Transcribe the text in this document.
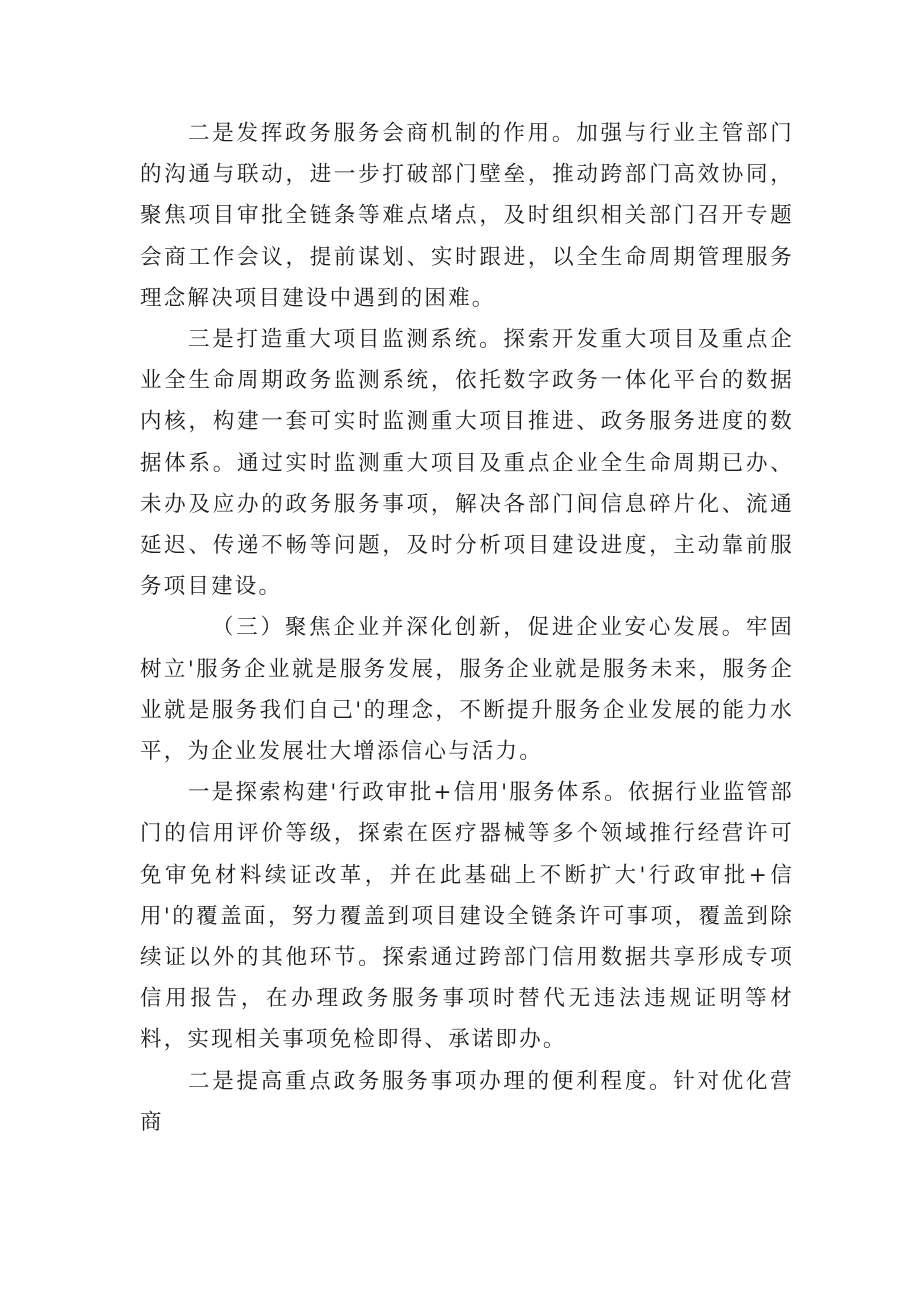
二是发挥政务服务会商机制的作用。加强与行业主管部门的沟通与联动，进一步打破部门壁垒，推动跨部门高效协同，聚焦项目审批全链条等难点堵点，及时组织相关部门召开专题会商工作会议，提前谋划、实时跟进，以全生命周期管理服务理念解决项目建设中遇到的困难。

三是打造重大项目监测系统。探索开发重大项目及重点企业全生命周期政务监测系统，依托数字政务一体化平台的数据内核，构建一套可实时监测重大项目推进、政务服务进度的数据体系。通过实时监测重大项目及重点企业全生命周期已办、未办及应办的政务服务事项，解决各部门间信息碎片化、流通延迟、传递不畅等问题，及时分析项目建设进度，主动靠前服务项目建设。

（三）聚焦企业并深化创新，促进企业安心发展。牢固树立'服务企业就是服务发展，服务企业就是服务未来，服务企业就是服务我们自己'的理念，不断提升服务企业发展的能力水平，为企业发展壮大增添信心与活力。

一是探索构建'行政审批+信用'服务体系。依据行业监管部门的信用评价等级，探索在医疗器械等多个领域推行经营许可免审免材料续证改革，并在此基础上不断扩大'行政审批+信用'的覆盖面，努力覆盖到项目建设全链条许可事项，覆盖到除续证以外的其他环节。探索通过跨部门信用数据共享形成专项信用报告，在办理政务服务事项时替代无违法违规证明等材料，实现相关事项免检即得、承诺即办。

二是提高重点政务服务事项办理的便利程度。针对优化营商
